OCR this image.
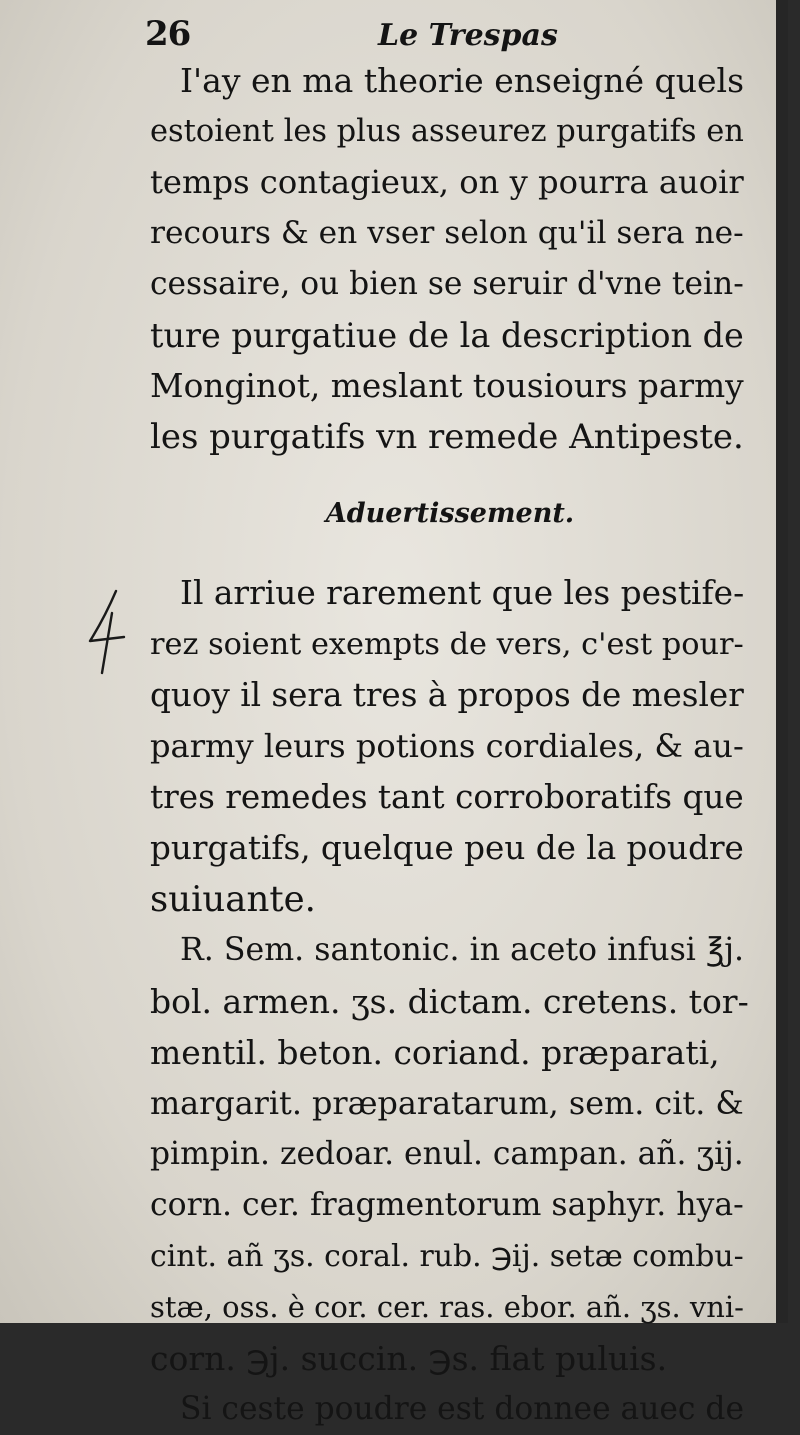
26	Le Trespas

I'ay en ma theorie enseigné quels
estoient les plus asseurez purgatifs en
temps contagieux, on y pourra auoir
recours & en vser selon qu'il sera ne-
cessaire, ou bien se seruir d'vne tein-
ture purgatiue de la description de
Monginot, meslant tousiours parmy
les purgatifs vn remede Antipeste.

Aduertissement.

Il arriue rarement que les pestife-
rez soient exempts de vers, c'est pour-
quoy il sera tres à propos de mesler
parmy leurs potions cordiales, & au-
tres remedes tant corroboratifs que
purgatifs, quelque peu de la poudre
suiuante.

R. Sem. santonic. in aceto infusi ℥j.
bol. armen. ʒs. dictam. cretens. tor-
mentil. beton. coriand. præparati,
margarit. præparatarum, sem. cit. &
pimpin. zedoar. enul. campan. añ. ʒij.
corn. cer. fragmentorum saphyr. hya-
cint. añ ʒs. coral. rub. ℈ij. setæ combu-
stæ, oss. è cor. cer. ras. ebor. añ. ʒs. vni-
corn. ℈j. succin. ℈s. fiat puluis.

Si ceste poudre est donnee auec de
